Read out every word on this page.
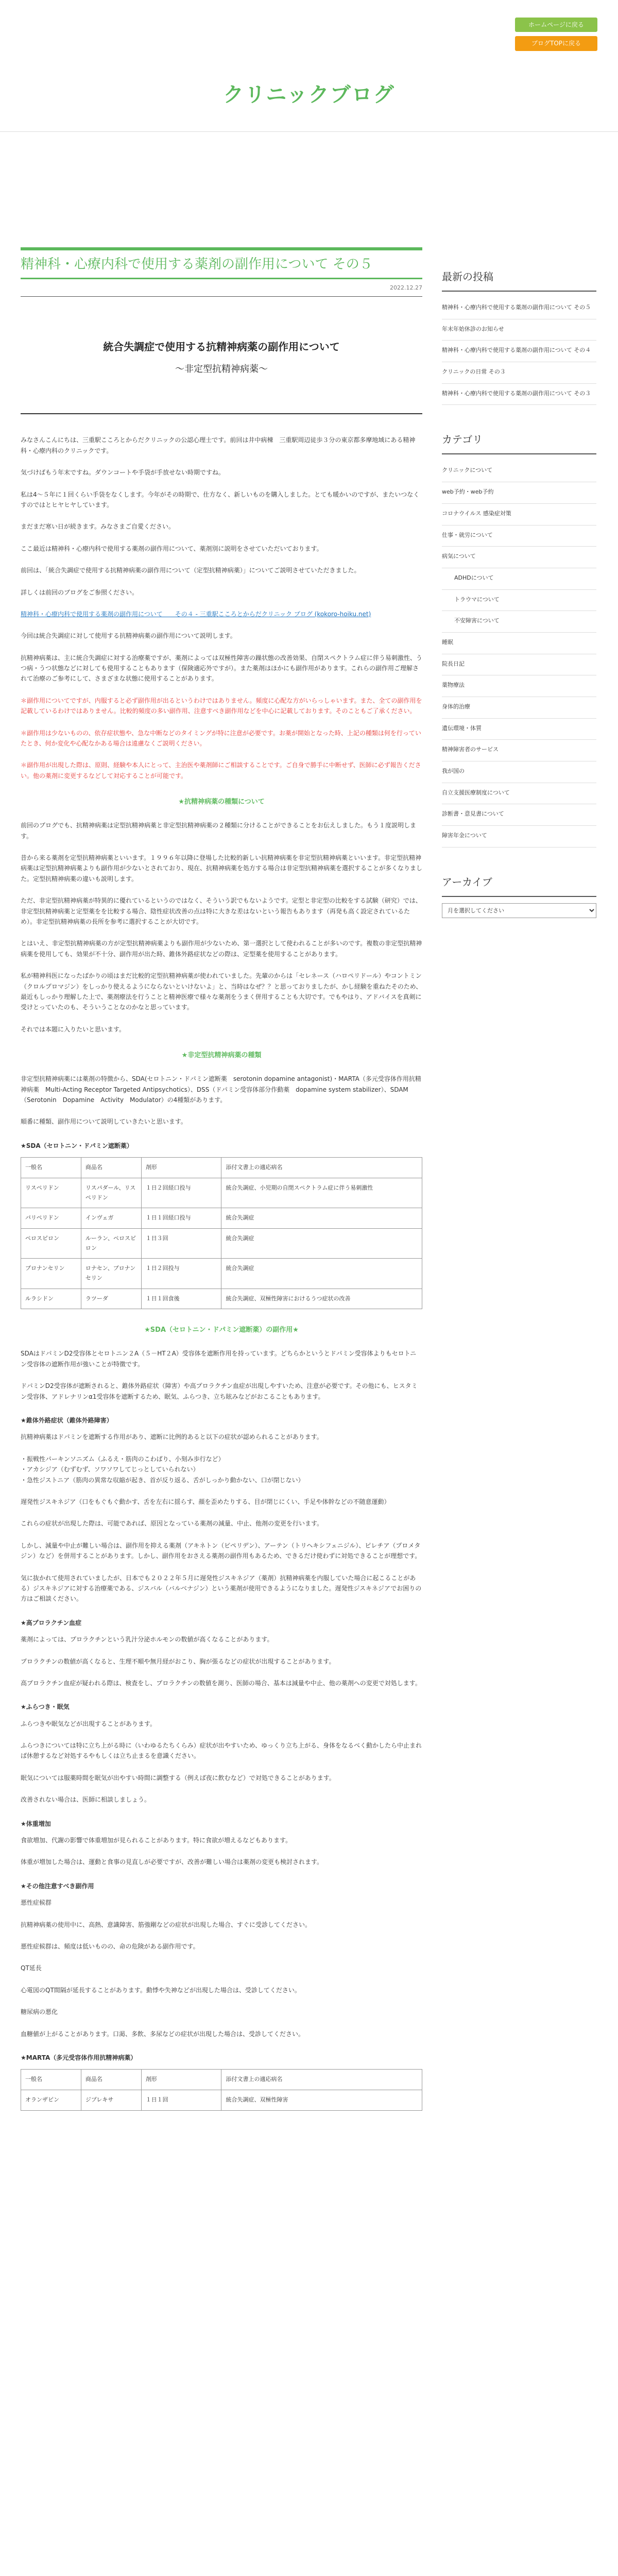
ホームページに戻る
ブログTOPに戻る
クリニックブログ
精神科・心療内科で使用する薬剤の副作用について その５
2022.12.27
統合失調症で使用する抗精神病薬の副作用について
〜非定型抗精神病薬〜
みなさんこんにちは、三重駅こころとからだクリニックの公認心理士です。前回は井中病棟　三重駅周辺徒歩３分の東京都多摩地域にある精神科・心療内科のクリニックです。
気づけばもう年末ですね。ダウンコートや手袋が手放せない時期ですね。
私は4〜５年に１回くらい手袋をなくします。今年がその時期で、仕方なく、新しいものを購入しました。とても暖かいのですが、またいつなくすのではとヒヤヒヤしています。
まだまだ寒い日が続きます。みなさまご自愛ください。
ここ最近は精神科・心療内科で使用する薬剤の副作用について、薬剤別に説明をさせていただいております。
前回は、「統合失調症で使用する抗精神病薬の副作用について（定型抗精神病薬）」についてご説明させていただきました。
詳しくは前回のブログをご参照ください。
精神科・心療内科で使用する薬剤の副作用について　　その４ - 三重駅こころとからだクリニック ブログ (kokoro-hoiku.net)
今回は統合失調症に対して使用する抗精神病薬の副作用について説明します。
抗精神病薬は、主に統合失調症に対する治療薬ですが、薬剤によっては双極性障害の躁状態の改善効果、自閉スペクトラム症に伴う易刺激性、うつ病・うつ状態などに対しても使用することもあります（保険適応外ですが）。また薬剤はほかにも副作用があります。これらの副作用ご理解されて治療のご参考にして、さまざまな状態に使用することがあります。
＊副作用についてですが、内服すると必ず副作用が出るというわけではありません。頻度に心配な方がいらっしゃいます。また、全ての副作用を記載しているわけではありません。比較的頻度の多い副作用、注意すべき副作用などを中心に記載しております。そのこともご了承ください。
＊副作用は少ないものの、依存症状態や、急な中断などのタイミングが特に注意が必要です。お薬が開始となった時、上記の種類は何を行っていたとき、何か変化や心配なかある場合は遠慮なくご説明ください。
＊副作用が出現した際は、原則、経験や本人にとって、主治医や薬剤師にご相談することです。ご自身で勝手に中断せず、医師に必ず報告ください。他の薬剤に変更するなどして対応することが可能です。
★抗精神病薬の種類について
前回のブログでも、抗精神病薬は定型抗精神病薬と非定型抗精神病薬の２種類に分けることができることをお伝えしました。もう１度説明します。
昔から来る薬剤を定型抗精神病薬といいます。１９９６年以降に登場した比較的新しい抗精神病薬を非定型抗精神病薬といいます。非定型抗精神病薬は定型抗精神病薬よりも副作用が少ないとされており、現在、抗精神病薬を処方する場合は非定型抗精神病薬を選択することが多くなりました。定型抗精神病薬の違いも説明します。
ただ、非定型抗精神病薬が特異的に優れているというのではなく、そういう訳でもないようです。定型と非定型の比較をする試験（研究）では、非定型抗精神病薬と定型薬をを比較する場合、陰性症状改善の点は特に大きな差はないという報告もあります（再発も高く設定されているため）。非定型抗精神病薬の長所を参考に選択することが大切です。
とはいえ、非定型抗精神病薬の方が定型抗精神病薬よりも副作用が少ないため、第一選択として使われることが多いのです。複数の非定型抗精神病薬を使用しても、効果が不十分、副作用が出た時、錐体外路症状などの際は、定型薬を使用することがあります。
私が精神科医になったばかりの頃はまだ比較的定型抗精神病薬が使われていました。先輩のからは「セレネース（ハロペリドール）やコントミン（クロルプロマジン）をしっかり使えるようにならないといけないよ」と、当時はなぜ？？と思っておりましたが、かし経験を重ねたそのため、最近もしっかり理解した上で、薬剤療法を行うことと精神医療で様々な薬剤をうまく併用することも大切です。でもやはり、アドバイスを真剣に受けとっていたのも、そういうことなのかなと思っています。
それでは本題に入りたいと思います。
★非定型抗精神病薬の種類
非定型抗精神病薬には薬剤の特徴から、SDA(セロトニン・ドパミン遮断薬　serotonin dopamine antagonist)・MARTA（多元受容体作用抗精神病薬　Multi-Acting Receptor Targeted Antipsychotics）、DSS（ドパミン受容体部分作動薬　dopamine system stabilizer）、SDAM（Serotonin　Dopamine　Activity　Modulator）の4種類があります。
順番に種類、副作用について説明していきたいと思います。
★SDA（セロトニン・ドパミン遮断薬）
一般名	商品名	剤形	添付文書上の適応病名
リスペリドン	リスパダール、リスペリドン	１日２回経口投与	統合失調症、小児期の自閉スペクトラム症に伴う易刺激性
パリペリドン	インヴェガ	１日１回経口投与	統合失調症
ペロスピロン	ルーラン、ペロスピロン	１日３回	統合失調症
ブロナンセリン	ロナセン、ブロナンセリン	１日２回投与	統合失調症
ルラシドン	ラツーダ	１日１回食後	統合失調症、双極性障害におけるうつ症状の改善
★SDA（セロトニン・ドパミン遮断薬）の副作用★
SDAはドパミンD2受容体とセロトニン２A（５－HT２A）受容体を遮断作用を持っています。どちらかというとドパミン受容体よりもセロトニン受容体の遮断作用が強いことが特徴です。
ドパミンD2受容体が遮断されると、錐体外路症状（障害）や高プロラクチン血症が出現しやすいため、注意が必要です。その他にも、ヒスタミン受容体、アドレナリンα1受容体を遮断するため、眠気、ふらつき、立ち眩みなどがおこることもあります。
★錐体外路症状（錐体外路障害）
抗精神病薬はドパミンを遮断する作用があり、遮断に比例的あると以下の症状が認められることがあります。
・振戦性パーキンソニズム（ふるえ・筋肉のこわばり、小刻み歩行など）
・アカシジア（むずむず、ソワソワしてじっとしていられない）
・急性ジストニア（筋肉の異常な収縮が起き、首が反り返る、舌がしっかり動かない、口が閉じない）
遅発性ジスキネジア（口をもぐもぐ動かす、舌を左右に揺らす、顔を歪めたりする、目が閉じにくい、手足や体幹などの不随意運動）
これらの症状が出現した際は、可能であれば、原因となっている薬剤の減量、中止、他剤の変更を行います。
しかし、減量や中止が難しい場合は、副作用を抑える薬剤（アキネトン（ビペリデン）、アーテン（トリヘキシフェニジル）、ピレチア（プロメタジン）など）を併用することがあります。しかし、副作用をおさえる薬剤の副作用もあるため、できるだけ使わずに対処できることが理想です。
気に抜かれて使用されていましたが、日本でも２０２２年５月に遅発性ジスキネジア（薬剤）抗精神病薬を内服していた場合に起こることがある）ジスキネジアに対する治療薬である、ジスバル（バルベナジン）という薬剤が使用できるようになりました。遅発性ジスキネジアでお困りの方はご相談ください。
★高プロラクチン血症
薬剤によっては、プロラクチンという乳汁分泌ホルモンの数値が高くなることがあります。
プロラクチンの数値が高くなると、生理不順や無月経がおこり、胸が張るなどの症状が出現することがあります。
高プロラクチン血症が疑われる際は、検査をし、プロラクチンの数値を測り、医師の場合、基本は減量や中止、他の薬剤への変更で対処します。
★ふらつき・眠気
ふらつきや眠気などが出現することがあります。
ふらつきについては特に立ち上がる時に（いわゆるたちくらみ）症状が出やすいため、ゆっくり立ち上がる、身体をなるべく動かしたら中止まれば休憩するなど対処するやもしくは立ち止まるを意識ください。
眠気については服薬時間を眠気が出やすい時間に調整する（例えば夜に飲むなど）で対処できることがあります。
改善されない場合は、医師に相談しましょう。
★体重増加
食欲増加、代謝の影響で体重増加が見られることがあります。特に食欲が増えるなどもあります。
体重が増加した場合は、運動と食事の見直しが必要ですが、改善が難しい場合は薬剤の変更も検討されます。
★その他注意すべき副作用
悪性症候群
抗精神病薬の使用中に、高熱、意識障害、筋強剛などの症状が出現した場合、すぐに受診してください。
悪性症候群は、頻度は低いものの、命の危険がある副作用です。
QT延長
心電図のQT間隔が延長することがあります。動悸や失神などが出現した場合は、受診してください。
糖尿病の悪化
血糖値が上がることがあります。口渇、多飲、多尿などの症状が出現した場合は、受診してください。
★MARTA（多元受容体作用抗精神病薬）
一般名	商品名	剤形	添付文書上の適応病名
オランザピン	ジプレキサ	１日１回	統合失調症、双極性障害
最新の投稿
精神科・心療内科で使用する薬剤の副作用について その５
年末年始休診のお知らせ
精神科・心療内科で使用する薬剤の副作用について その４
クリニックの日常 その３
精神科・心療内科で使用する薬剤の副作用について その３
カテゴリ
クリニックについて
web予約・web予約
コロナウイルス 感染症対策
仕事・就労について
病気について
ADHDについて
トラウマについて
不安障害について
睡眠
院長日記
薬物療法
身体的治療
遺伝環境・体質
精神障害者のサービス
我が国の
自立支援医療制度について
診断書・意見書について
障害年金について
アーカイブ
月を選択してください
